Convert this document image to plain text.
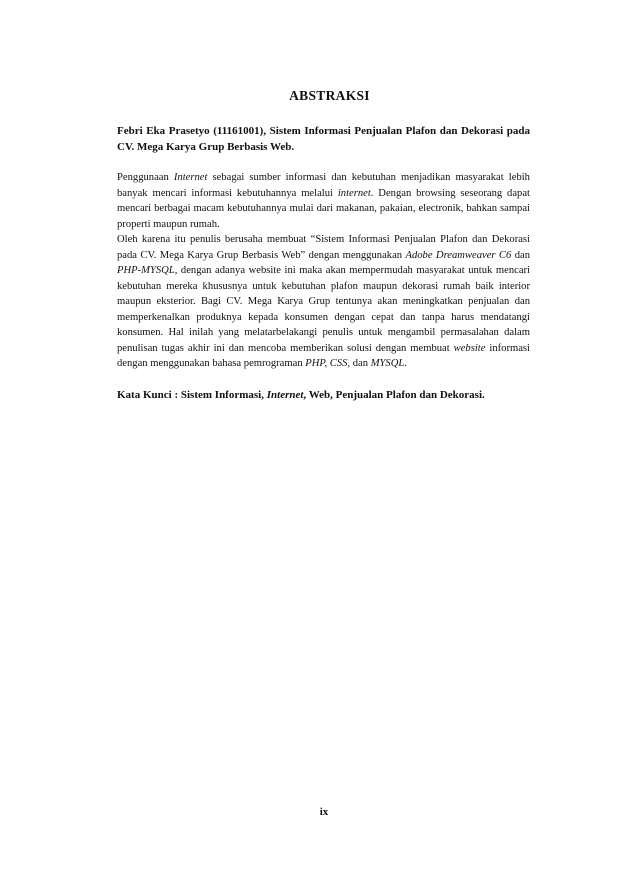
ABSTRAKSI

Febri Eka Prasetyo (11161001), Sistem Informasi Penjualan Plafon dan Dekorasi pada CV. Mega Karya Grup Berbasis Web.

Penggunaan Internet sebagai sumber informasi dan kebutuhan menjadikan masyarakat lebih banyak mencari informasi kebutuhannya melalui internet. Dengan browsing seseorang dapat mencari berbagai macam kebutuhannya mulai dari makanan, pakaian, electronik, bahkan sampai properti maupun rumah.

Oleh karena itu penulis berusaha membuat “Sistem Informasi Penjualan Plafon dan Dekorasi pada CV. Mega Karya Grup Berbasis Web” dengan menggunakan Adobe Dreamweaver C6 dan PHP-MYSQL, dengan adanya website ini maka akan mempermudah masyarakat untuk mencari kebutuhan mereka khususnya untuk kebutuhan plafon maupun dekorasi rumah baik interior maupun eksterior. Bagi CV. Mega Karya Grup tentunya akan meningkatkan penjualan dan memperkenalkan produknya kepada konsumen dengan cepat dan tanpa harus mendatangi konsumen. Hal inilah yang melatarbelakangi penulis untuk mengambil permasalahan dalam penulisan tugas akhir ini dan mencoba memberikan solusi dengan membuat website informasi dengan menggunakan bahasa pemrograman PHP, CSS, dan MYSQL.

Kata Kunci : Sistem Informasi, Internet, Web, Penjualan Plafon dan Dekorasi.

ix
